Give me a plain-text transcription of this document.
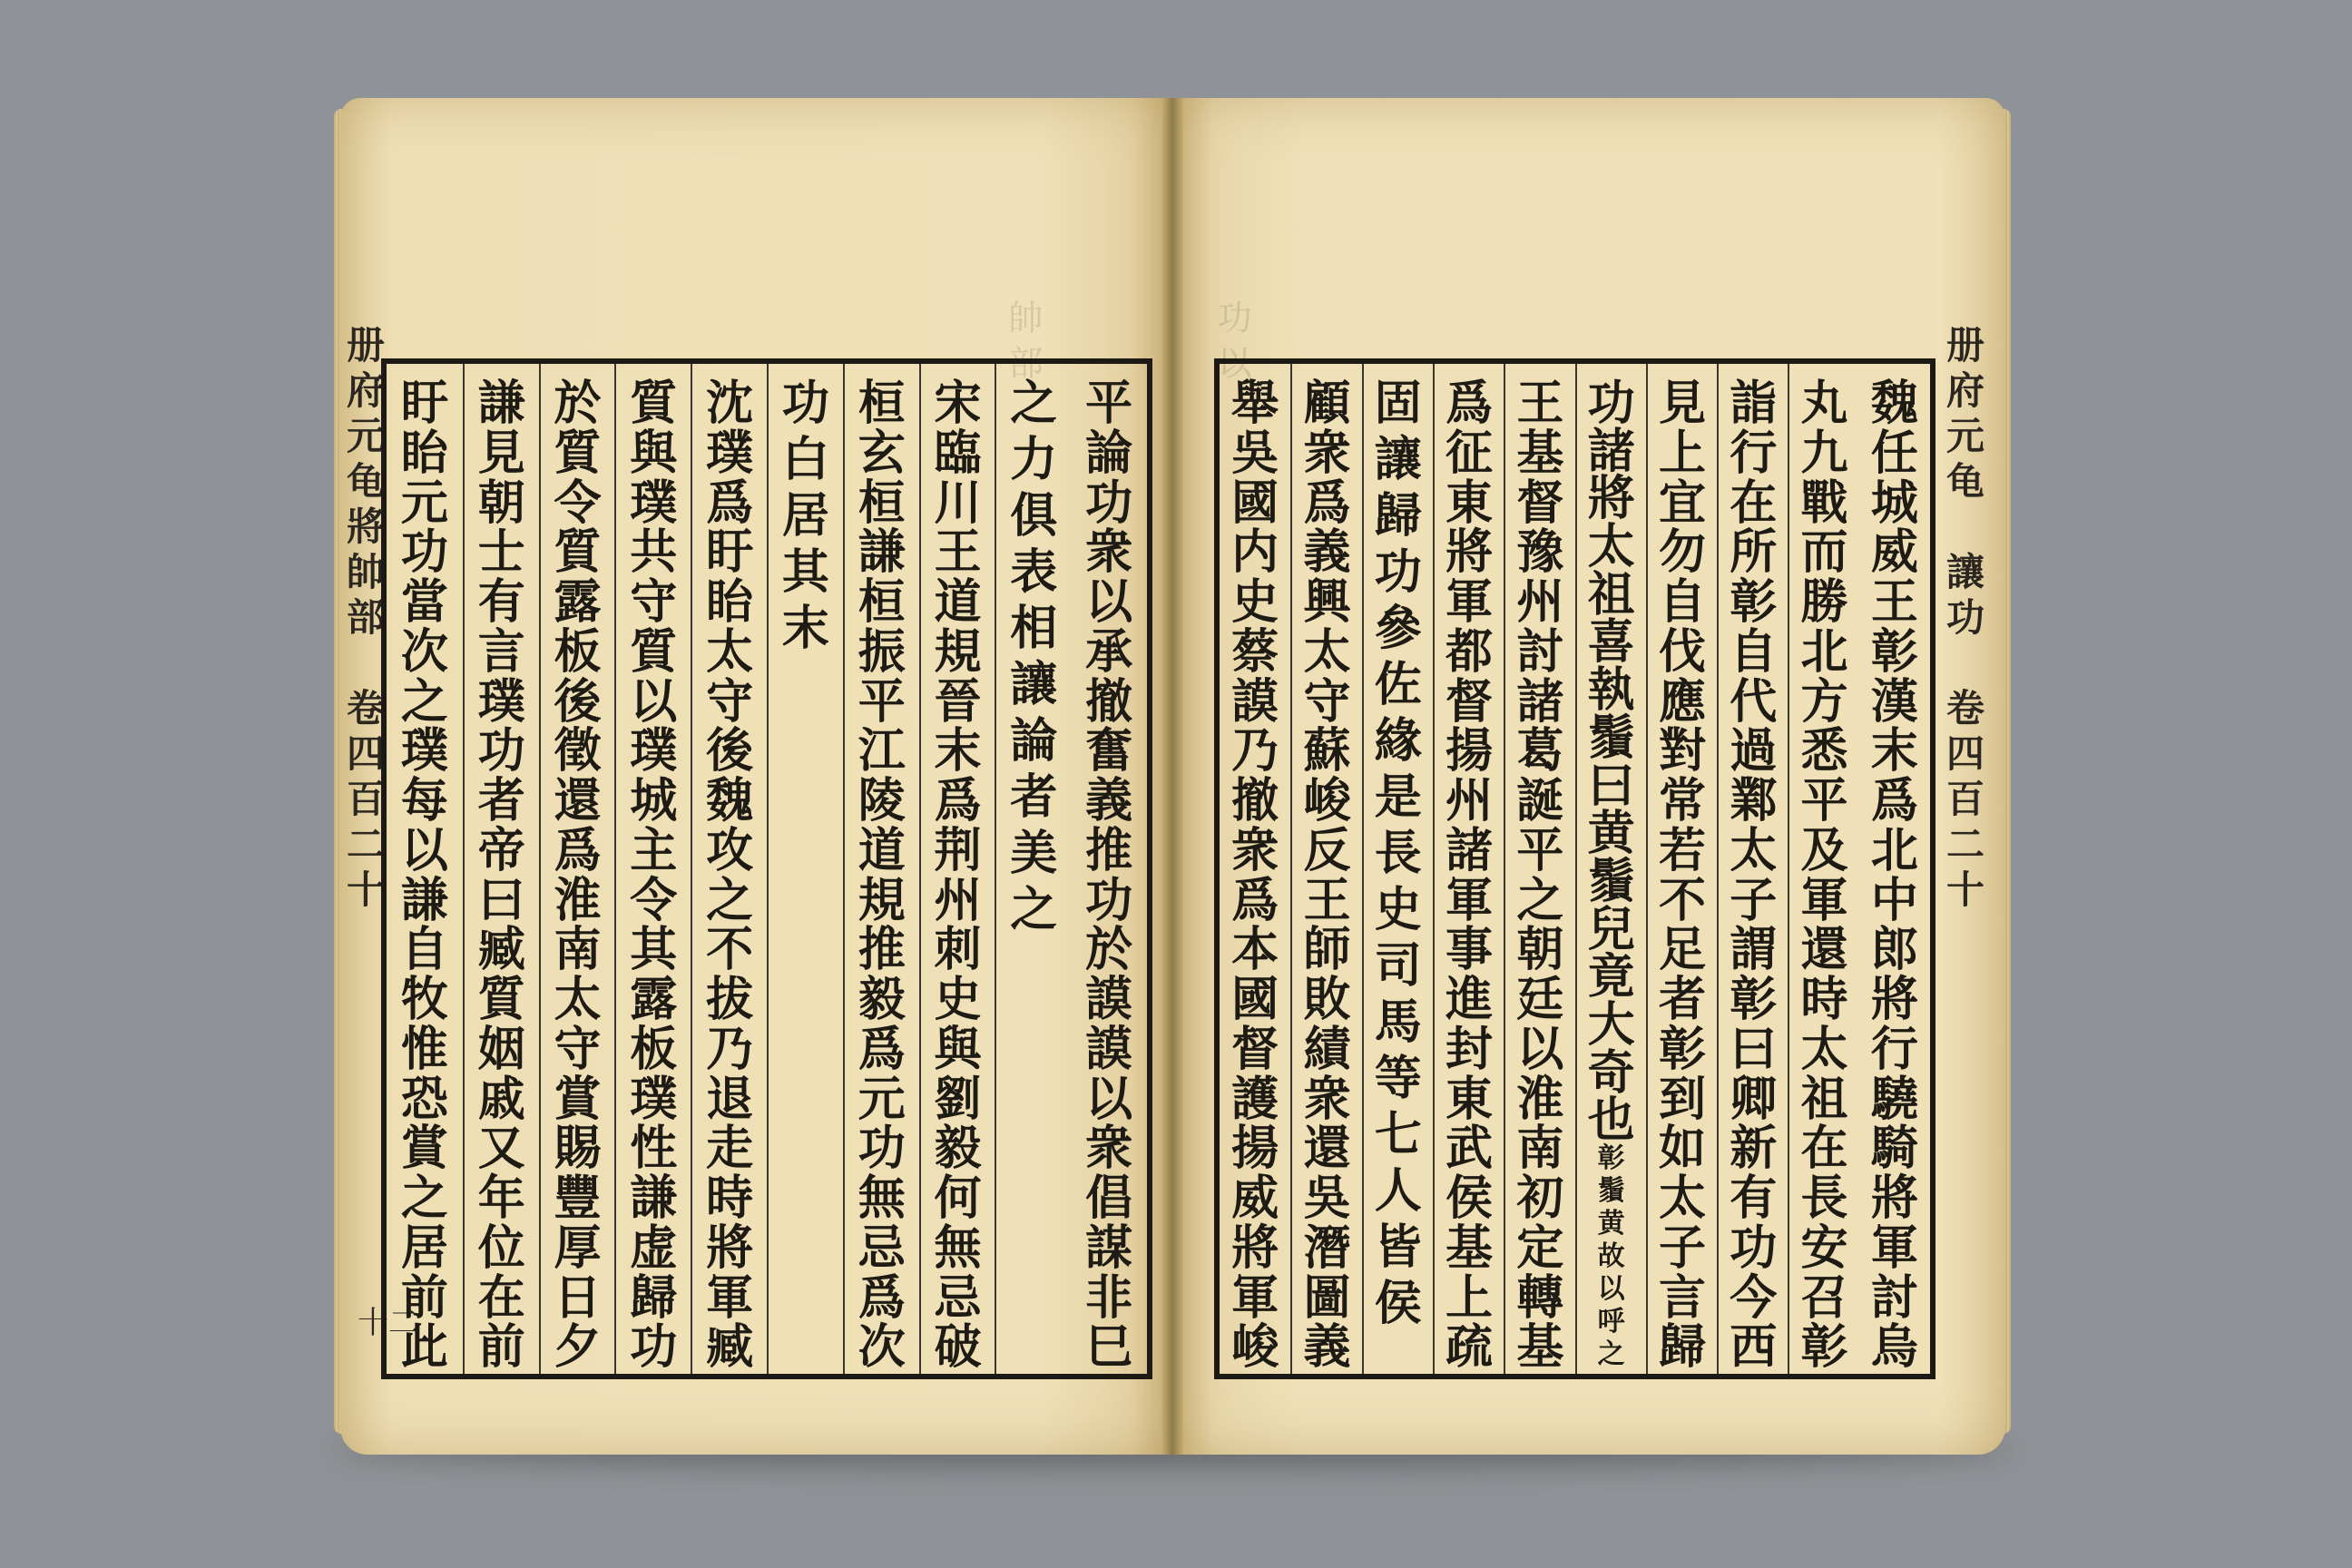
功 以
帥 部
册
府
元
龟
將
帥
部
卷
四
百
二
十
十二
平
論
功
衆
以
承
撤
奮
義
推
功
於
謨
謨
以
衆
倡
謀
非
巳
之
力
俱
表
相
讓
論
者
美
之
宋
臨
川
王
道
規
晉
末
爲
荆
州
刺
史
與
劉
毅
何
無
忌
破
桓
玄
桓
謙
桓
振
平
江
陵
道
規
推
毅
爲
元
功
無
忌
爲
次
功
白
居
其
末
沈
璞
爲
盱
眙
太
守
後
魏
攻
之
不
拔
乃
退
走
時
將
軍
臧
質
與
璞
共
守
質
以
璞
城
主
令
其
露
板
璞
性
謙
虚
歸
功
於
質
令
質
露
板
後
徵
還
爲
淮
南
太
守
賞
賜
豐
厚
日
夕
謙
見
朝
士
有
言
璞
功
者
帝
曰
臧
質
姻
戚
又
年
位
在
前
盱
眙
元
功
當
次
之
璞
每
以
謙
自
牧
惟
恐
賞
之
居
前
此
魏
任
城
威
王
彰
漢
末
爲
北
中
郎
將
行
驍
騎
將
軍
討
烏
丸
九
戰
而
勝
北
方
悉
平
及
軍
還
時
太
祖
在
長
安
召
彰
詣
行
在
所
彰
自
代
過
鄴
太
子
謂
彰
曰
卿
新
有
功
今
西
見
上
宜
勿
自
伐
應
對
常
若
不
足
者
彰
到
如
太
子
言
歸
功
諸
將
太
祖
喜
執
鬚
曰
黄
鬚
兒
竟
大
奇
也
彰
鬚
黄
故
以
呼
之
王
基
督
豫
州
討
諸
葛
誕
平
之
朝
廷
以
淮
南
初
定
轉
基
爲
征
東
將
軍
都
督
揚
州
諸
軍
事
進
封
東
武
侯
基
上
疏
固
讓
歸
功
參
佐
緣
是
長
史
司
馬
等
七
人
皆
侯
顧
衆
爲
義
興
太
守
蘇
峻
反
王
師
敗
績
衆
還
吳
潛
圖
義
舉
吳
國
内
史
蔡
謨
乃
撤
衆
爲
本
國
督
護
揚
威
將
軍
峻
册
府
元
龟
讓
功
卷
四
百
二
十
